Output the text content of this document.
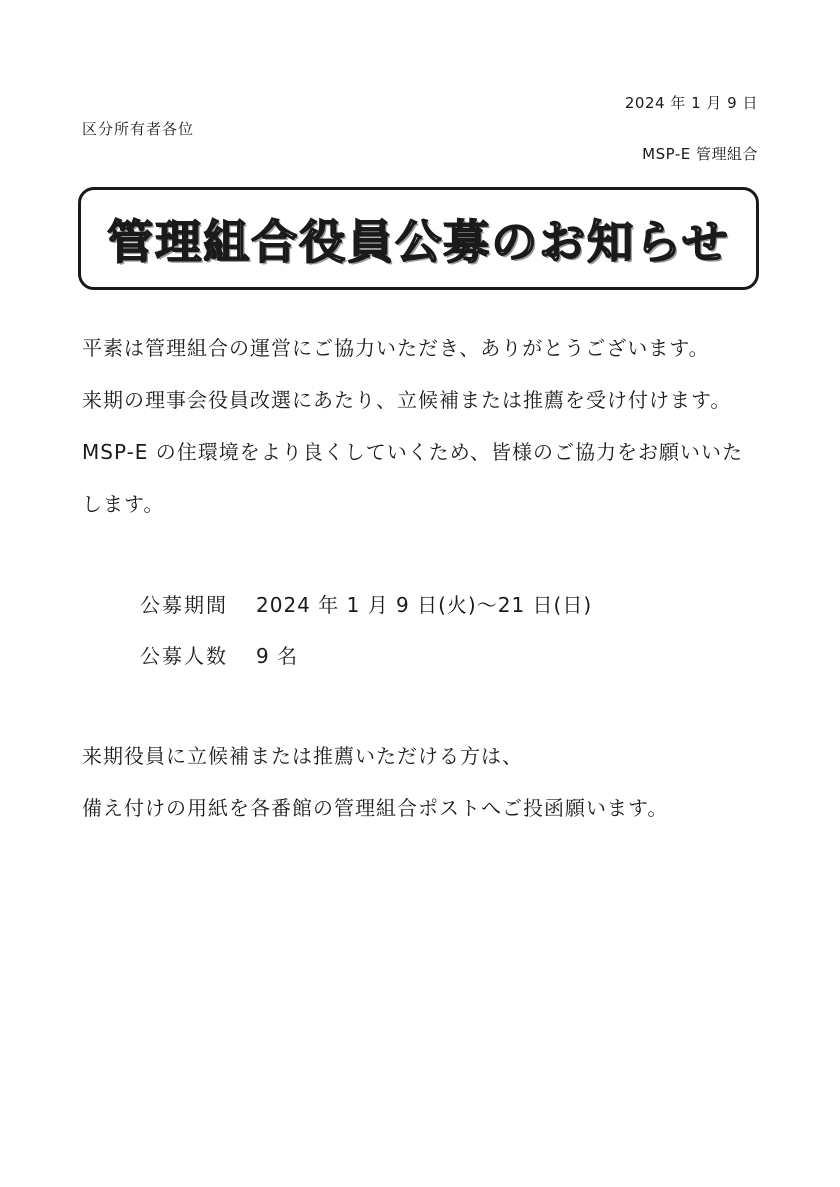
2024 年 1 月 9 日
区分所有者各位
MSP-E 管理組合
管理組合役員公募のお知らせ
平素は管理組合の運営にご協力いただき、ありがとうございます。
来期の理事会役員改選にあたり、立候補または推薦を受け付けます。
MSP-E の住環境をより良くしていくため、皆様のご協力をお願いいた
します。
公募期間 2024 年 1 月 9 日(火)～21 日(日)
公募人数 9 名
来期役員に立候補または推薦いただける方は、
備え付けの用紙を各番館の管理組合ポストへご投函願います。
